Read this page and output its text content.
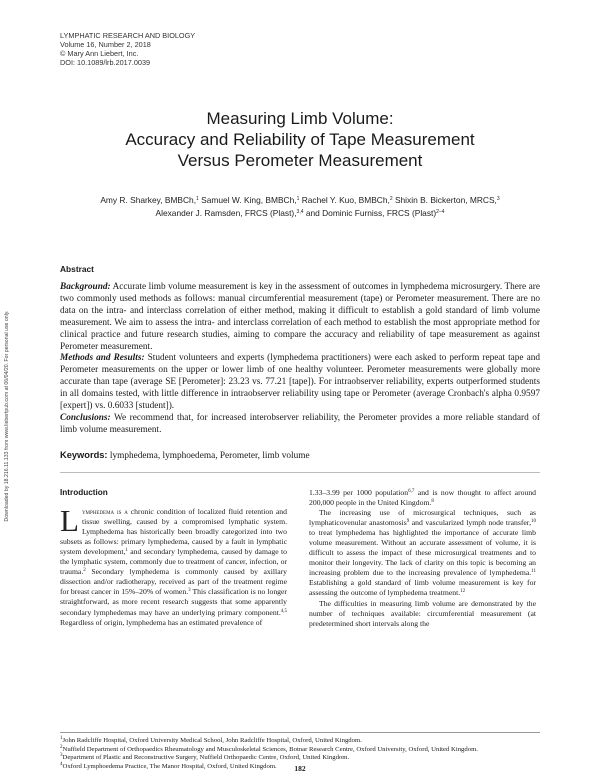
LYMPHATIC RESEARCH AND BIOLOGY
Volume 16, Number 2, 2018
© Mary Ann Liebert, Inc.
DOI: 10.1089/lrb.2017.0039
Measuring Limb Volume:
Accuracy and Reliability of Tape Measurement
Versus Perometer Measurement
Amy R. Sharkey, BMBCh,$^1$ Samuel W. King, BMBCh,$^1$ Rachel Y. Kuo, BMBCh,$^2$ Shixin B. Bickerton, MRCS,$^3$
Alexander J. Ramsden, FRCS (Plast),$^{3,4}$ and Dominic Furniss, FRCS (Plast)$^{2-4}$
Downloaded by 18.216.11.133 from www.liebertpub.com at 06/04/20. For personal use only.
Abstract

Background: Accurate limb volume measurement is key in the assessment of outcomes in lymphedema microsurgery. There are two commonly used methods as follows: manual circumferential measurement (tape) or Perometer measurement. There are no data on the intra- and interclass correlation of either method, making it difficult to establish a gold standard of limb volume measurement. We aim to assess the intra- and interclass correlation of each method to establish the most appropriate method for clinical practice and future research studies, aiming to compare the accuracy and reliability of tape measurement as against Perometer measurement.

Methods and Results: Student volunteers and experts (lymphedema practitioners) were each asked to perform repeat tape and Perometer measurements on the upper or lower limb of one healthy volunteer. Perometer measurements were globally more accurate than tape (average SE [Perometer]: 23.23 vs. 77.21 [tape]). For intraobserver reliability, experts outperformed students in all domains tested, with little difference in intraobserver reliability using tape or Perometer (average Cronbach's alpha 0.9597 [expert]) vs. 0.6033 [student]).

Conclusions: We recommend that, for increased interobserver reliability, the Perometer provides a more reliable standard of limb volume measurement.

Keywords: lymphedema, lymphoedema, Perometer, limb volume

Introduction

Lymphedema is a chronic condition of localized fluid retention and tissue swelling, caused by a compromised lymphatic system. Lymphedema has historically been broadly categorized into two subsets as follows: primary lymphedema, caused by a fault in lymphatic system development,$^1$ and secondary lymphedema, caused by damage to the lymphatic system, commonly due to treatment of cancer, infection, or trauma.$^2$ Secondary lymphedema is commonly caused by axillary dissection and/or radiotherapy, received as part of the treatment regime for breast cancer in 15%–20% of women.$^3$ This classification is no longer straightforward, as more recent research suggests that some apparently secondary lymphedemas may have an underlying primary component.$^{4,5}$ Regardless of origin, lymphedema has an estimated prevalence of

1.33–3.99 per 1000 population$^{6,7}$ and is now thought to affect around 200,000 people in the United Kingdom.$^8$

The increasing use of microsurgical techniques, such as lymphaticovenular anastomosis$^9$ and vascularized lymph node transfer,$^{10}$ to treat lymphedema has highlighted the importance of accurate limb volume measurement. Without an accurate assessment of volume, it is difficult to assess the impact of these microsurgical treatments and to monitor their longevity. The lack of clarity on this topic is becoming an increasing problem due to the increasing prevalence of lymphedema.$^{11}$ Establishing a gold standard of limb volume measurement is key for assessing the outcome of lymphedema treatment.$^{12}$

The difficulties in measuring limb volume are demonstrated by the number of techniques available: circumferential measurement (at predetermined short intervals along the

$^1$John Radcliffe Hospital, Oxford University Medical School, John Radcliffe Hospital, Oxford, United Kingdom.
$^2$Nuffield Department of Orthopaedics Rheumatology and Musculoskeletal Sciences, Botnar Research Centre, Oxford University, Oxford, United Kingdom.
$^3$Department of Plastic and Reconstructive Surgery, Nuffield Orthopaedic Centre, Oxford, United Kingdom.
$^4$Oxford Lymphoedema Practice, The Manor Hospital, Oxford, United Kingdom.	182
